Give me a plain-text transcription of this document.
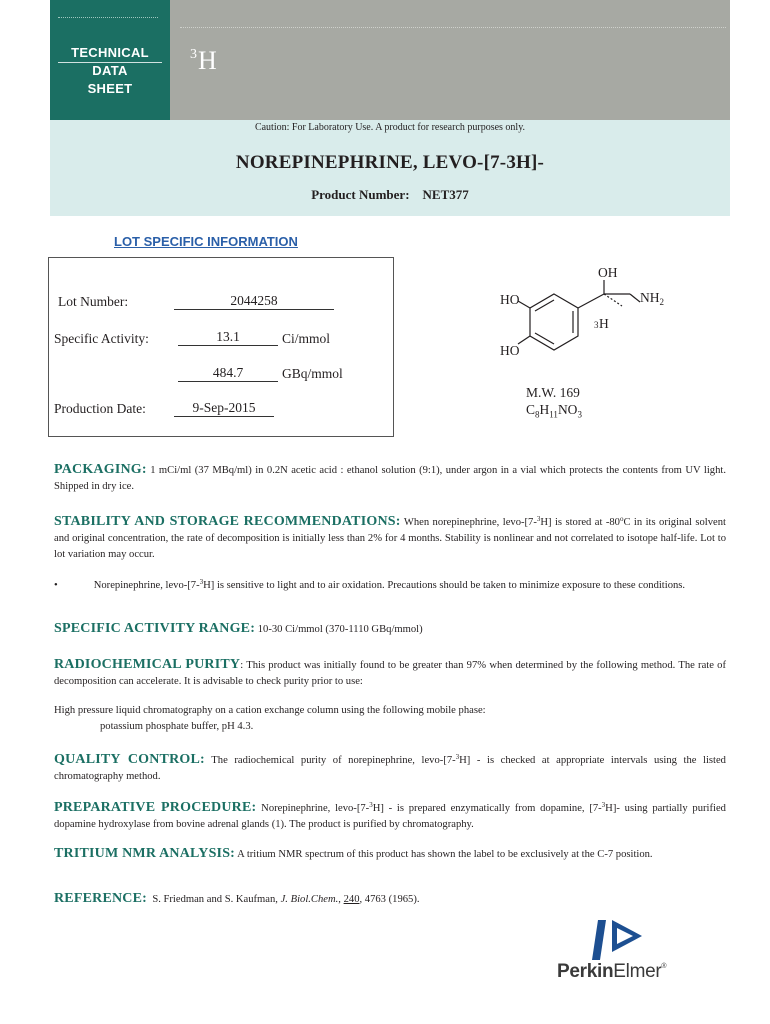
TECHNICAL
DATA
SHEET
$^3$H
Caution: For Laboratory Use. A product for research purposes only.
NOREPINEPHRINE, LEVO-[7-3H]-
Product Number: NET377
LOT SPECIFIC INFORMATION
Lot Number:	2044258
Specific Activity:	13.1	Ci/mmol
484.7	GBq/mmol
Production Date:	9-Sep-2015
OH
HO
HO
$NH_2$
3 H
M.W. 169
$C_8H_{11}NO_3$
PACKAGING: 1 mCi/ml (37 MBq/ml) in 0.2N acetic acid : ethanol solution (9:1), under argon in a vial which protects the contents from UV light. Shipped in dry ice.
STABILITY AND STORAGE RECOMMENDATIONS: When norepinephrine, levo-[7-$^3$H] is stored at -80$^o$C in its original solvent and original concentration, the rate of decomposition is initially less than 2% for 4 months. Stability is nonlinear and not correlated to isotope half-life. Lot to lot variation may occur.
•	Norepinephrine, levo-[7-$^3$H] is sensitive to light and to air oxidation. Precautions should be taken to minimize exposure to these conditions.
SPECIFIC ACTIVITY RANGE: 10-30 Ci/mmol (370-1110 GBq/mmol)
RADIOCHEMICAL PURITY: This product was initially found to be greater than 97% when determined by the following method. The rate of decomposition can accelerate. It is advisable to check purity prior to use:
High pressure liquid chromatography on a cation exchange column using the following mobile phase:
potassium phosphate buffer, pH 4.3.
QUALITY CONTROL: The radiochemical purity of norepinephrine, levo-[7-$^3$H] - is checked at appropriate intervals using the listed chromatography method.
PREPARATIVE PROCEDURE: Norepinephrine, levo-[7-$^3$H] - is prepared enzymatically from dopamine, [7-$^3$H]- using partially purified dopamine hydroxylase from bovine adrenal glands (1). The product is purified by chromatography.
TRITIUM NMR ANALYSIS: A tritium NMR spectrum of this product has shown the label to be exclusively at the C-7 position.
REFERENCE: S. Friedman and S. Kaufman, J. Biol.Chem., 240, 4763 (1965).
PerkinElmer®
